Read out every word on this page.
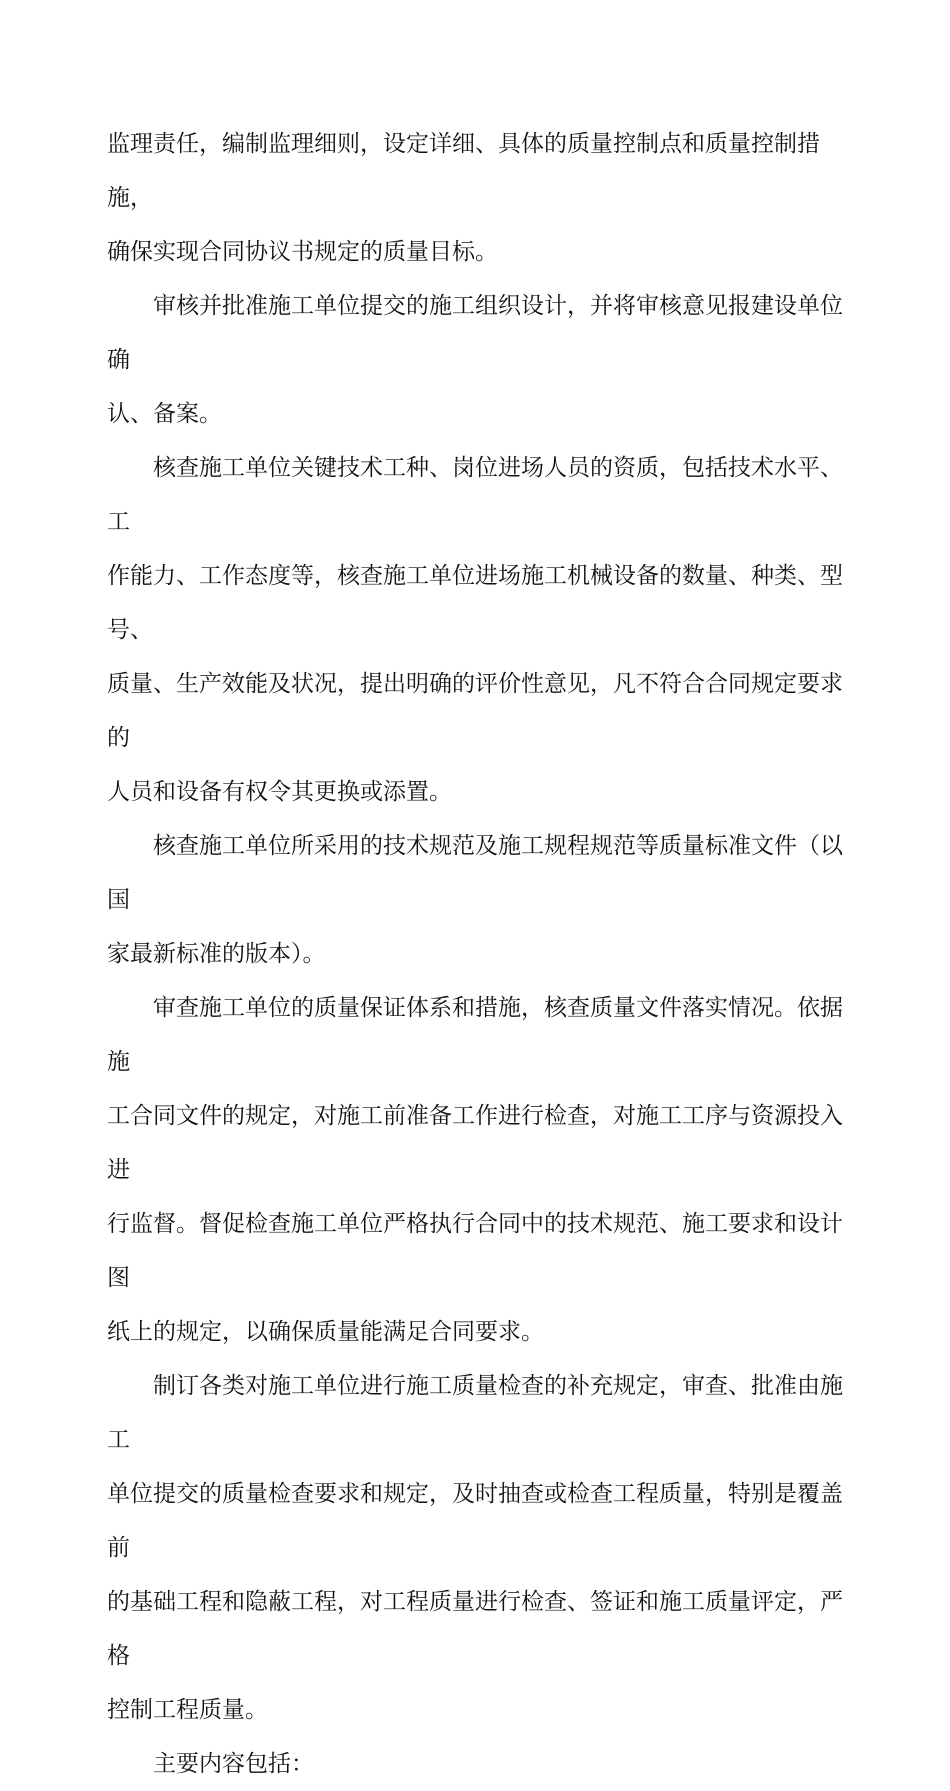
监理责任，编制监理细则，设定详细、具体的质量控制点和质量控制措施，
确保实现合同协议书规定的质量目标。

审核并批准施工单位提交的施工组织设计，并将审核意见报建设单位确
认、备案。

核查施工单位关键技术工种、岗位进场人员的资质，包括技术水平、工
作能力、工作态度等，核查施工单位进场施工机械设备的数量、种类、型号、
质量、生产效能及状况，提出明确的评价性意见，凡不符合合同规定要求的
人员和设备有权令其更换或添置。

核查施工单位所采用的技术规范及施工规程规范等质量标准文件（以国
家最新标准的版本）。

审查施工单位的质量保证体系和措施，核查质量文件落实情况。依据施
工合同文件的规定，对施工前准备工作进行检查，对施工工序与资源投入进
行监督。督促检查施工单位严格执行合同中的技术规范、施工要求和设计图
纸上的规定，以确保质量能满足合同要求。

制订各类对施工单位进行施工质量检查的补充规定，审查、批准由施工
单位提交的质量检查要求和规定，及时抽查或检查工程质量，特别是覆盖前
的基础工程和隐蔽工程，对工程质量进行检查、签证和施工质量评定，严格
控制工程质量。

主要内容包括：
